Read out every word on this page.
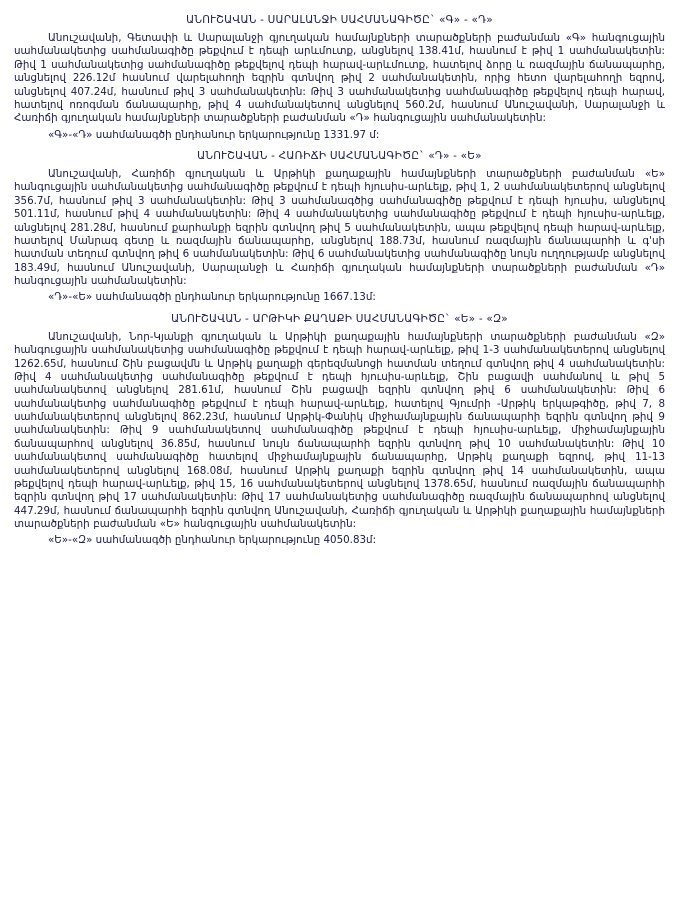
ԱՆՈՒՇԱՎԱՆ - ՍԱՐԱԼԱՆՋԻ ՍԱՀՄԱՆԱԳԻԾԸ` «Գ» - «Դ»

Անուշավանի, Գետափի և Սարալանջի գյուղական համայնքների տարածքների բաժանման «Գ» հանգուցային սահմանակետից սահմանագիծը թեքվում է դեպի արևմուտք, անցնելով 138.41մ, հասնում է թիվ 1 սահմանակետին: Թիվ 1 սահմանակետից սահմանագիծը թեքվելով դեպի հարավ-արևմուտք, հատելով ձորը և ռազմային ճանապարհը, անցնելով 226.12մ հասնում վարելահողի եզրին գտնվող թիվ 2 սահմանակետին, որից հետո վարելահողի եզրով, անցնելով 407.24մ, հասնում թիվ 3 սահմանակետին: Թիվ 3 սահմանակետից սահմանագիծը թեքվելով դեպի հարավ, հատելով ոռոգման ճանապարհը, թիվ 4 սահմանակետով անցնելով 560.2մ, հասնում Անուշավանի, Սարալանջի և Հառիճի գյուղական համայնքների տարածքների բաժանման «Դ» հանգուցային սահմանակետին:

«Գ»-«Դ» սահմանագծի ընդհանուր երկարությունը 1331.97 մ:

ԱՆՈՒՇԱՎԱՆ - ՀԱՌԻՃԻ ՍԱՀՄԱՆԱԳԻԾԸ` «Դ» - «Ե»

Անուշավանի, Հառիճի գյուղական և Արթիկի քաղաքային համայնքների տարածքների բաժանման «Ե» հանգուցային սահմանակետից սահմանագիծը թեքվում է դեպի հյուսիս-արևելք, թիվ 1, 2 սահմանակետերով անցնելով 356.7մ, հասնում թիվ 3 սահմանակետին: Թիվ 3 սահմանագծից սահմանագիծը թեքվում է դեպի հյուսիս, անցնելով 501.11մ, հասնում թիվ 4 սահմանակետին: Թիվ 4 սահմանակետից սահմանագիծը թեքվում է դեպի հյուսիս-արևելք, անցնելով 281.28մ, հասնում քարհանքի եզրին գտնվող թիվ 5 սահմանակետին, ապա թեքվելով դեպի հարավ-արևելք, հատելով Մանրագ գետը և ռազմային ճանապարհը, անցնելով 188.73մ, հասնում ռազմային ճանապարհի և գ'սի հատման տեղում գտնվող թիվ 6 սահմանակետին: Թիվ 6 սահմանակետից սահմանագիծը նույն ուղղությամբ անցնելով 183.49մ, հասնում Անուշավանի, Սարալանջի և Հառիճի գյուղական համայնքների տարածքների բաժանման «Դ» հանգուցային սահմանակետին:

«Դ»-«Ե» սահմանագծի ընդհանուր երկարությունը 1667.13մ:

ԱՆՈՒՇԱՎԱՆ - ԱՐԹԻԿԻ ՔԱՂԱՔԻ ՍԱՀՄԱՆԱԳԻԾԸ` «Ե» - «Զ»

Անուշավանի, Նոր-Կյանքի գյուղական և Արթիկի քաղաքային համայնքների տարածքների բաժանման «Զ» հանգուցային սահմանակետից սահմանագիծը թեքվում է դեպի հարավ-արևելք, թիվ 1-3 սահմանակետերով անցնելով 1262.65մ, հասնում Շին բացավմն և Արթիկ քաղաքի գերեզմանոցի հատման տեղում գտնվող թիվ 4 սահմանակետին: Թիվ 4 սահմանակետից սահմանագիծը թեքվում է դեպի հյուսիս-արևելք, Շին բացավի սահմանով և թիվ 5 սահմանակետով անցնելով 281.61մ, հասնում Շին բացավի եզրին գտնվող թիվ 6 սահմանակետին: Թիվ 6 սահմանակետից սահմանագիծը թեքվում է դեպի հարավ-արևելք, հատելով Գյումրի -Արթիկ երկաթգիծը, թիվ 7, 8 սահմանակետերով անցնելով 862.23մ, հասնում Արթիկ-Փանիկ միջհամայնքային ճանապարհի եզրին գտնվող թիվ 9 սահմանակետին: Թիվ 9 սահմանակետով սահմանագիծը թեքվում է դեպի հյուսիս-արևելք, միջհամայնքային ճանապարհով անցնելով 36.85մ, հասնում նույն ճանապարհի եզրին գտնվող թիվ 10 սահմանակետին: Թիվ 10 սահմանակետով սահմանագիծը հատելով միջհամայնքային ճանապարհը, Արթիկ քաղաքի եզրով, թիվ 11-13 սահմանակետերով անցնելով 168.08մ, հասնում Արթիկ քաղաքի եզրին գտնվող թիվ 14 սահմանակետին, ապա թեքվելով դեպի հարավ-արևելք, թիվ 15, 16 սահմանակետերով անցնելով 1378.65մ, հասնում ռազմային ճանապարհի եզրին գտնվող թիվ 17 սահմանակետին: Թիվ 17 սահմանակետից սահմանագիծը ռազմային ճանապարհով անցնելով 447.29մ, հասնում ճանապարհի եզրին գտնվող Անուշավանի, Հառիճի գյուղական և Արթիկի քաղաքային համայնքների տարածքների բաժանման «Ե» հանգուցային սահմանակետին:

«Ե»-«Զ» սահմանագծի ընդհանուր երկարությունը 4050.83մ:
